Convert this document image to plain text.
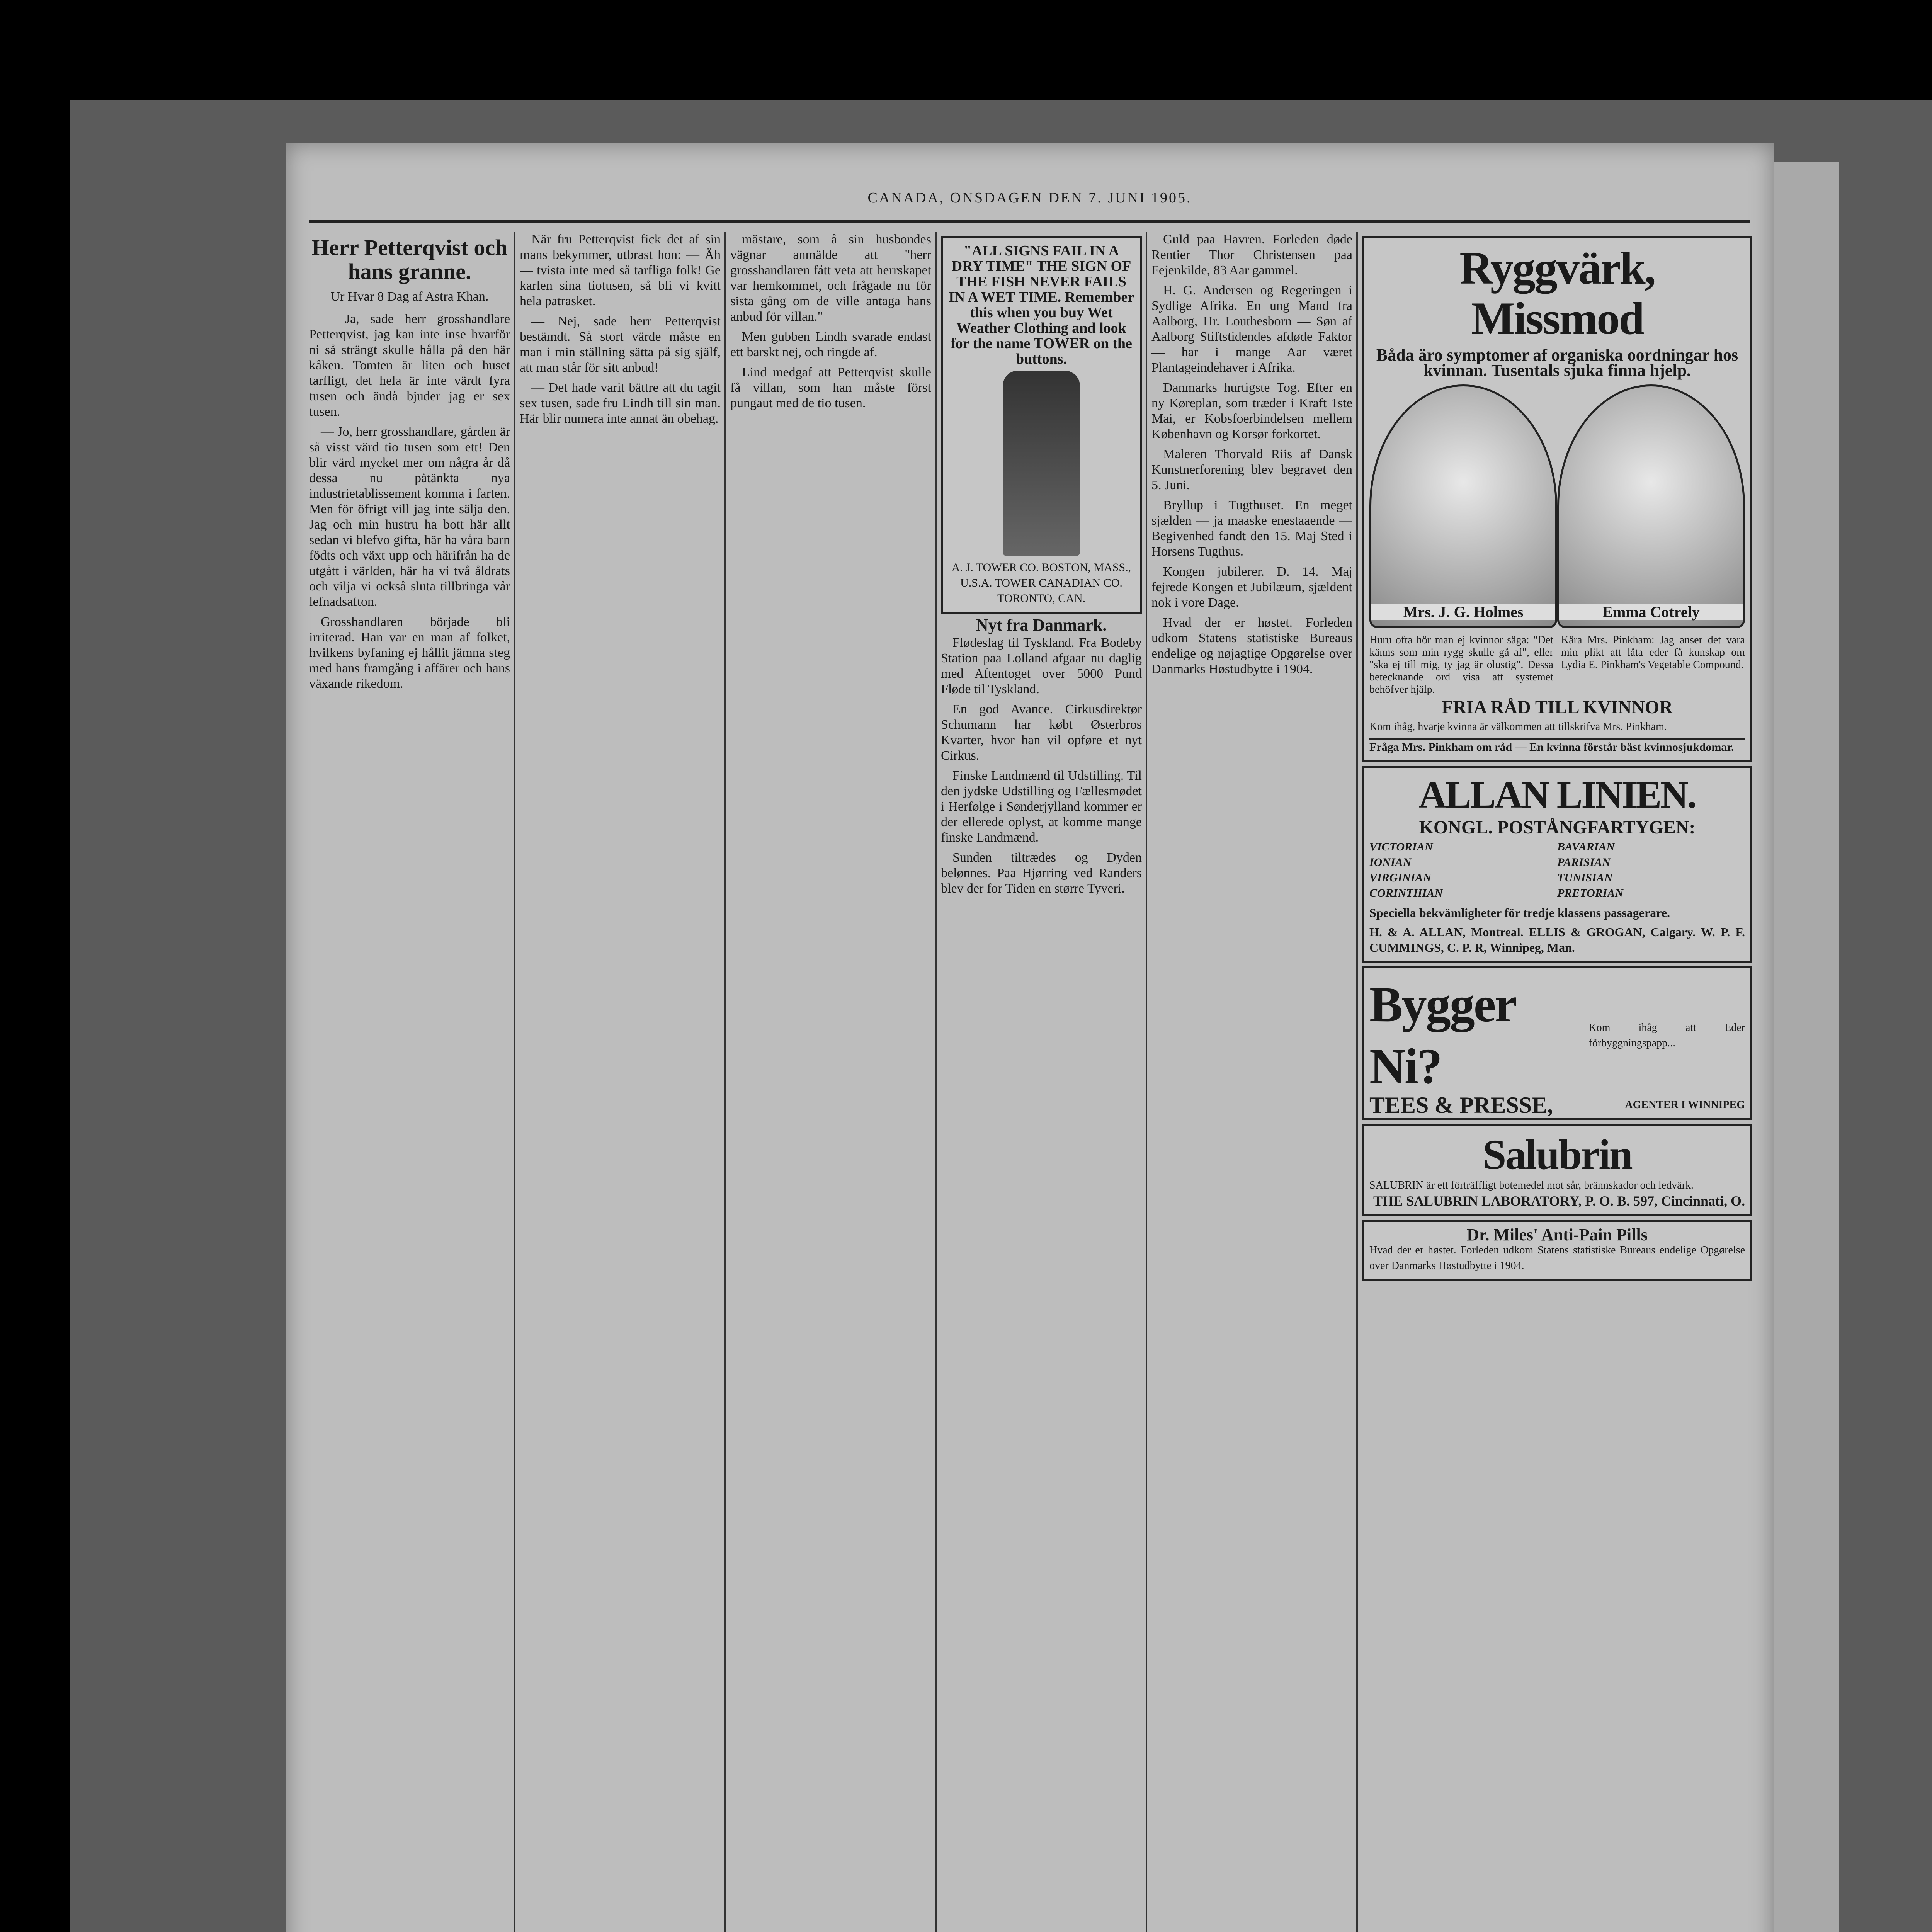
CANADA, ONSDAGEN DEN 7. JUNI 1905.
Herr Petterqvist och hans granne.
Ur Hvar 8 Dag af Astra Khan.

— Ja, sade herr grosshandlare Petterqvist, jag kan inte inse hvarför ni så strängt skulle hålla på den här kåken. Tomten är liten och huset tarfligt, det hela är inte värdt fyra tusen och ändå bjuder jag er sex tusen.

— Jo, herr grosshandlare, gården är så visst värd tio tusen som ett! Den blir värd mycket mer om några år då dessa nu påtänkta nya industrietablissement komma i farten. Men för öfrigt vill jag inte sälja den. Jag och min hustru ha bott här allt sedan vi blefvo gifta, här ha våra barn födts och växt upp och härifrån ha de utgått i världen, här ha vi två åldrats och vilja vi också sluta tillbringa vår lefnadsafton.

Grosshandlaren började bli irriterad. Han var en man af folket, hvilkens byfaning ej hållit jämna steg med hans framgång i affärer och hans växande rikedom.

När fru Petterqvist fick det af sin mans bekymmer, utbrast hon: — Äh — tvista inte med så tarfliga folk! Ge karlen sina tiotusen, så bli vi kvitt hela patrasket.

— Nej, sade herr Petterqvist bestämdt. Så stort värde måste en man i min ställning sätta på sig själf, att man står för sitt anbud!

— Det hade varit bättre att du tagit sex tusen, sade fru Lindh till sin man. Här blir numera inte annat än obehag.

mästare, som å sin husbondes vägnar anmälde att "herr grosshandlaren fått veta att herrskapet var hemkommet, och frågade nu för sista gång om de ville antaga hans anbud för villan."

Men gubben Lindh svarade endast ett barskt nej, och ringde af.

Lind medgaf att Petterqvist skulle få villan, som han måste först pungaut med de tio tusen.

"ALL SIGNS FAIL IN A DRY TIME" THE SIGN OF THE FISH NEVER FAILS IN A WET TIME. Remember this when you buy Wet Weather Clothing and look for the name TOWER on the buttons.
A. J. TOWER CO. BOSTON, MASS., U.S.A. TOWER CANADIAN CO. TORONTO, CAN.
Nyt fra Danmark.

Flødeslag til Tyskland. Fra Bodeby Station paa Lolland afgaar nu daglig med Aftentoget over 5000 Pund Fløde til Tyskland.

En god Avance. Cirkusdirektør Schumann har købt Østerbros Kvarter, hvor han vil opføre et nyt Cirkus.

Finske Landmænd til Udstilling. Til den jydske Udstilling og Fællesmødet i Herfølge i Sønderjylland kommer er der ellerede oplyst, at komme mange finske Landmænd.

Sunden tiltrædes og Dyden belønnes. Paa Hjørring ved Randers blev der for Tiden en større Tyveri.

Guld paa Havren. Forleden døde Rentier Thor Christensen paa Fejenkilde, 83 Aar gammel.

H. G. Andersen og Regeringen i Sydlige Afrika. En ung Mand fra Aalborg, Hr. Louthesborn — Søn af Aalborg Stiftstidendes afdøde Faktor — har i mange Aar været Plantageindehaver i Afrika.

Danmarks hurtigste Tog. Efter en ny Køreplan, som træder i Kraft 1ste Mai, er Kobsfoerbindelsen mellem København og Korsør forkortet.

Maleren Thorvald Riis af Dansk Kunstnerforening blev begravet den 5. Juni.

Bryllup i Tugthuset. En meget sjælden — ja maaske enestaaende — Begivenhed fandt den 15. Maj Sted i Horsens Tugthus.

Kongen jubilerer. D. 14. Maj fejrede Kongen et Jubilæum, sjældent nok i vore Dage.

Hvad der er høstet. Forleden udkom Statens statistiske Bureaus endelige og nøjagtige Opgørelse over Danmarks Høstudbytte i 1904.

Ryggvärk, Missmod
Båda äro symptomer af organiska oordningar hos kvinnan. Tusentals sjuka finna hjelp.
Mrs. J. G. Holmes	Emma Cotrely
Huru ofta hör man ej kvinnor säga: "Det känns som min rygg skulle gå af", eller "ska ej till mig, ty jag är olustig". Dessa betecknande ord visa att systemet behöfver hjälp.
Kära Mrs. Pinkham: Jag anser det vara min plikt att låta eder få kunskap om Lydia E. Pinkham's Vegetable Compound.
FRIA RÅD TILL KVINNOR
Kom ihåg, hvarje kvinna är välkommen att tillskrifva Mrs. Pinkham.
Fråga Mrs. Pinkham om råd — En kvinna förstår bäst kvinnosjukdomar.
ALLAN LINIEN.
KONGL. POSTÅNGFARTYGEN:
VICTORIAN	BAVARIAN
IONIAN	PARISIAN
VIRGINIAN	TUNISIAN
CORINTHIAN	PRETORIAN
Speciella bekvämligheter för tredje klassens passagerare.
H. & A. ALLAN, Montreal. ELLIS & GROGAN, Calgary. W. P. F. CUMMINGS, C. P. R, Winnipeg, Man.
Bygger Ni?
Kom ihåg att Eder förbyggningspapp...
TEES & PRESSE,	AGENTER I WINNIPEG
Salubrin
SALUBRIN är ett förträffligt botemedel mot sår, brännskador och ledvärk.
THE SALUBRIN LABORATORY, P. O. B. 597, Cincinnati, O.
Dr. Miles' Anti-Pain Pills
Hvad der er høstet. Forleden udkom Statens statistiske Bureaus endelige Opgørelse over Danmarks Høstudbytte i 1904.
